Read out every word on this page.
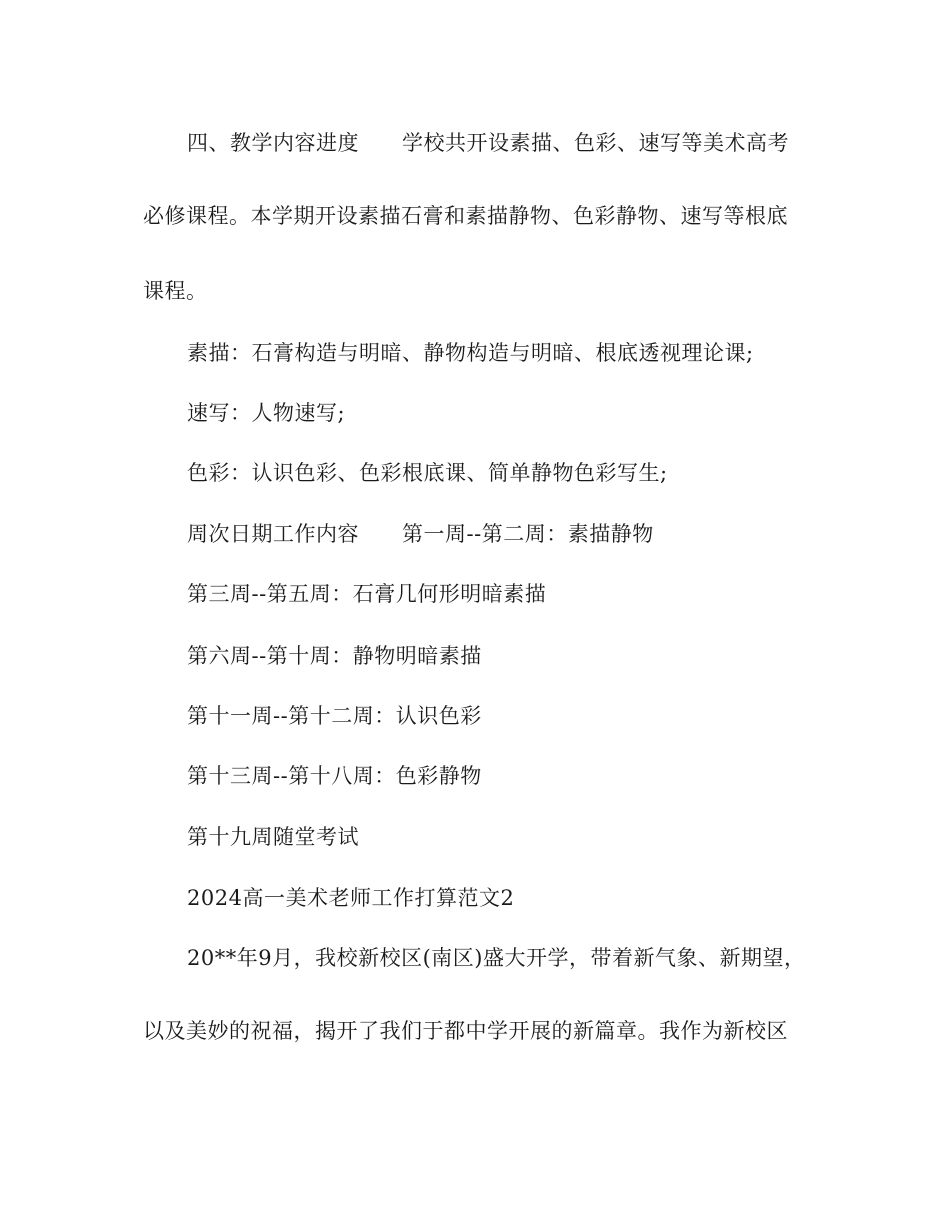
四、教学内容进度　　学校共开设素描、色彩、速写等美术高考
必修课程。本学期开设素描石膏和素描静物、色彩静物、速写等根底
课程。
素描：石膏构造与明暗、静物构造与明暗、根底透视理论课;
速写：人物速写;
色彩：认识色彩、色彩根底课、简单静物色彩写生;
周次日期工作内容　　第一周--第二周：素描静物
第三周--第五周：石膏几何形明暗素描
第六周--第十周：静物明暗素描
第十一周--第十二周：认识色彩
第十三周--第十八周：色彩静物
第十九周随堂考试
2024高一美术老师工作打算范文2
20**年9月，我校新校区(南区)盛大开学，带着新气象、新期望，
以及美妙的祝福，揭开了我们于都中学开展的新篇章。我作为新校区
